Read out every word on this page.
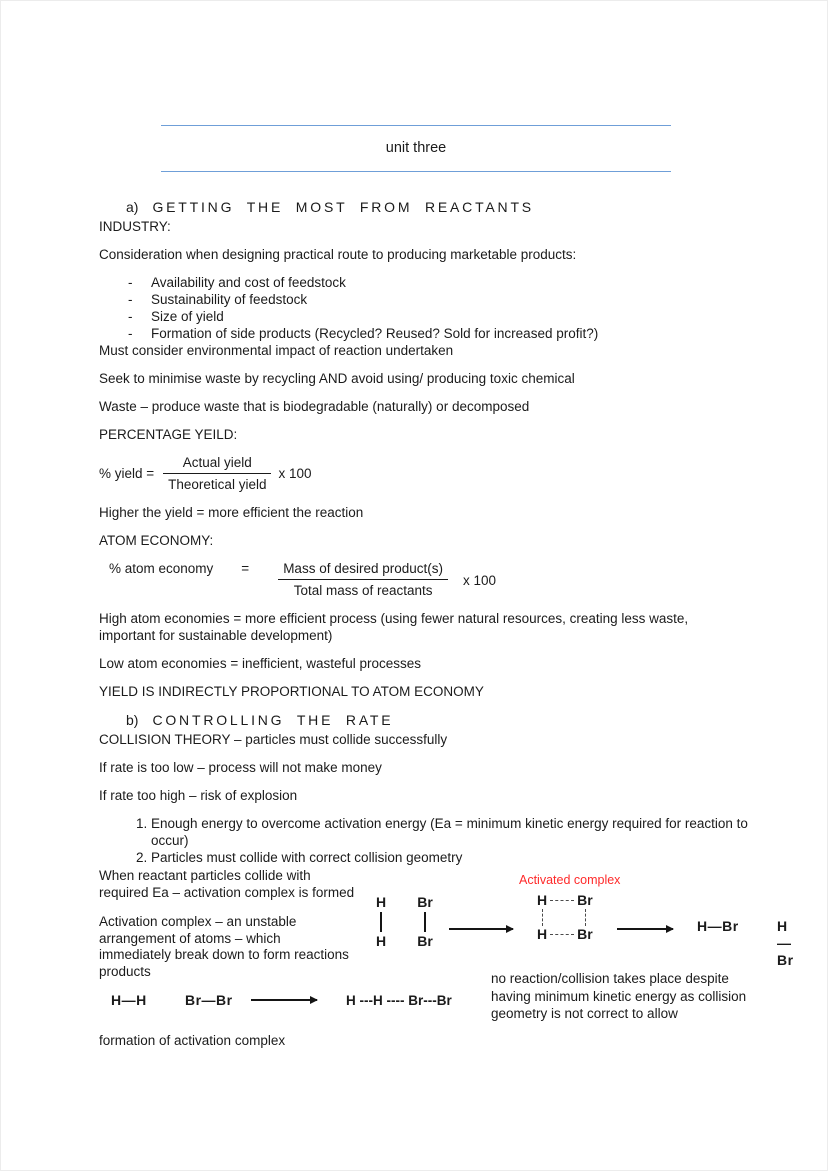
unit three
a) GETTING THE MOST FROM REACTANTS

INDUSTRY:

Consideration when designing practical route to producing marketable products:

- Availability and cost of feedstock
- Sustainability of feedstock
- Size of yield
- Formation of side products (Recycled? Reused? Sold for increased profit?)

Must consider environmental impact of reaction undertaken

Seek to minimise waste by recycling AND avoid using/ producing toxic chemical

Waste – produce waste that is biodegradable (naturally) or decomposed

PERCENTAGE YEILD:

% yield = $\frac{\text{Actual yield}}{\text{Theoretical yield}}$ x 100

Higher the yield = more efficient the reaction

ATOM ECONOMY:

% atom economy = $\frac{\text{Mass of desired product(s)}}{\text{Total mass of reactants}}$ x 100

High atom economies = more efficient process (using fewer natural resources, creating less waste, important for sustainable development)

Low atom economies = inefficient, wasteful processes

YIELD IS INDIRECTLY PROPORTIONAL TO ATOM ECONOMY

b) CONTROLLING THE RATE

COLLISION THEORY – particles must collide successfully

If rate is too low – process will not make money

If rate too high – risk of explosion

1. Enough energy to overcome activation energy (Ea = minimum kinetic energy required for reaction to occur)
2. Particles must collide with correct collision geometry

When reactant particles collide with required Ea – activation complex is formed

Activation complex – an unstable arrangement of atoms – which immediately break down to form reactions products

H
H
Br
Br
Activated complex
H Br
H Br	H—Br	H—Br
H—H	Br—Br	H ---H ---- Br---Br

no reaction/collision takes place despite having minimum kinetic energy as collision geometry is not correct to allow

formation of activation complex
